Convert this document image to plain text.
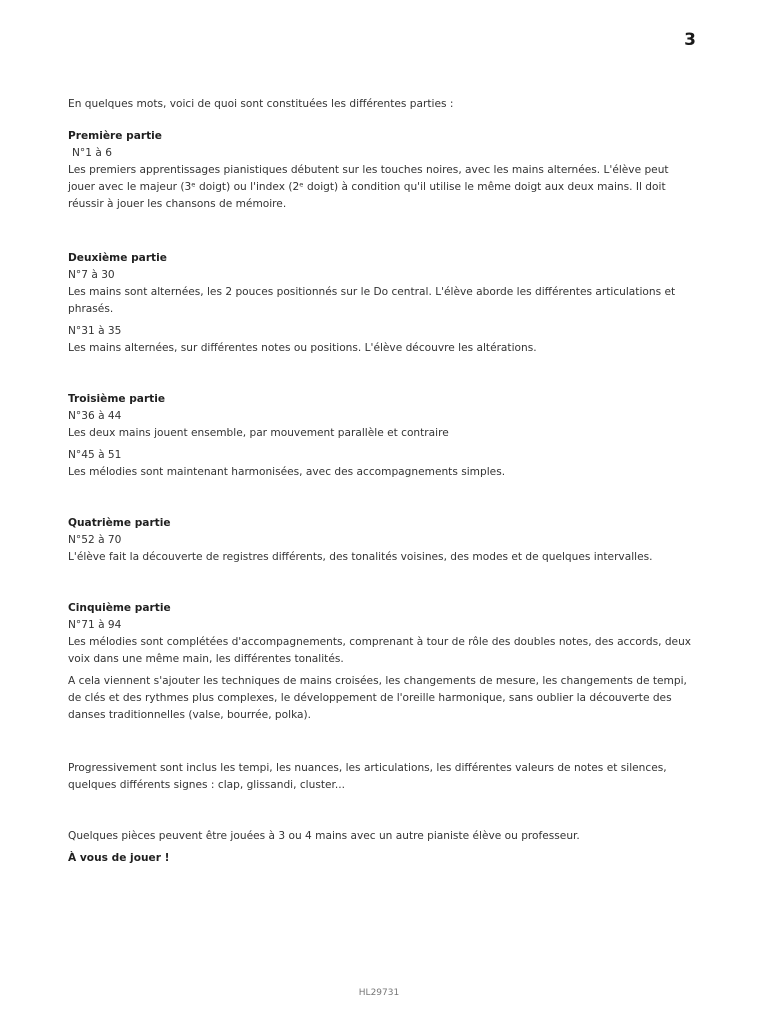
3

En quelques mots, voici de quoi sont constituées les différentes parties :

Première partie

N°1 à 6

Les premiers apprentissages pianistiques débutent sur les touches noires, avec les mains alternées. L'élève peut jouer avec le majeur (3ᵉ doigt) ou l'index (2ᵉ doigt) à condition qu'il utilise le même doigt aux deux mains. Il doit réussir à jouer les chansons de mémoire.

Deuxième partie

N°7 à 30

Les mains sont alternées, les 2 pouces positionnés sur le Do central. L'élève aborde les différentes articulations et phrasés.

N°31 à 35

Les mains alternées, sur différentes notes ou positions. L'élève découvre les altérations.

Troisième partie

N°36 à 44

Les deux mains jouent ensemble, par mouvement parallèle et contraire

N°45 à 51

Les mélodies sont maintenant harmonisées, avec des accompagnements simples.

Quatrième partie

N°52 à 70

L'élève fait la découverte de registres différents, des tonalités voisines, des modes et de quelques intervalles.

Cinquième partie

N°71 à 94

Les mélodies sont complétées d'accompagnements, comprenant à tour de rôle des doubles notes, des accords, deux voix dans une même main, les différentes tonalités.

A cela viennent s'ajouter les techniques de mains croisées, les changements de mesure, les changements de tempi, de clés et des rythmes plus complexes, le développement de l'oreille harmonique, sans oublier la découverte des danses traditionnelles (valse, bourrée, polka).

Progressivement sont inclus les tempi, les nuances, les articulations, les différentes valeurs de notes et silences, quelques différents signes : clap, glissandi, cluster...

Quelques pièces peuvent être jouées à 3 ou 4 mains avec un autre pianiste élève ou professeur.

À vous de jouer !

HL29731
